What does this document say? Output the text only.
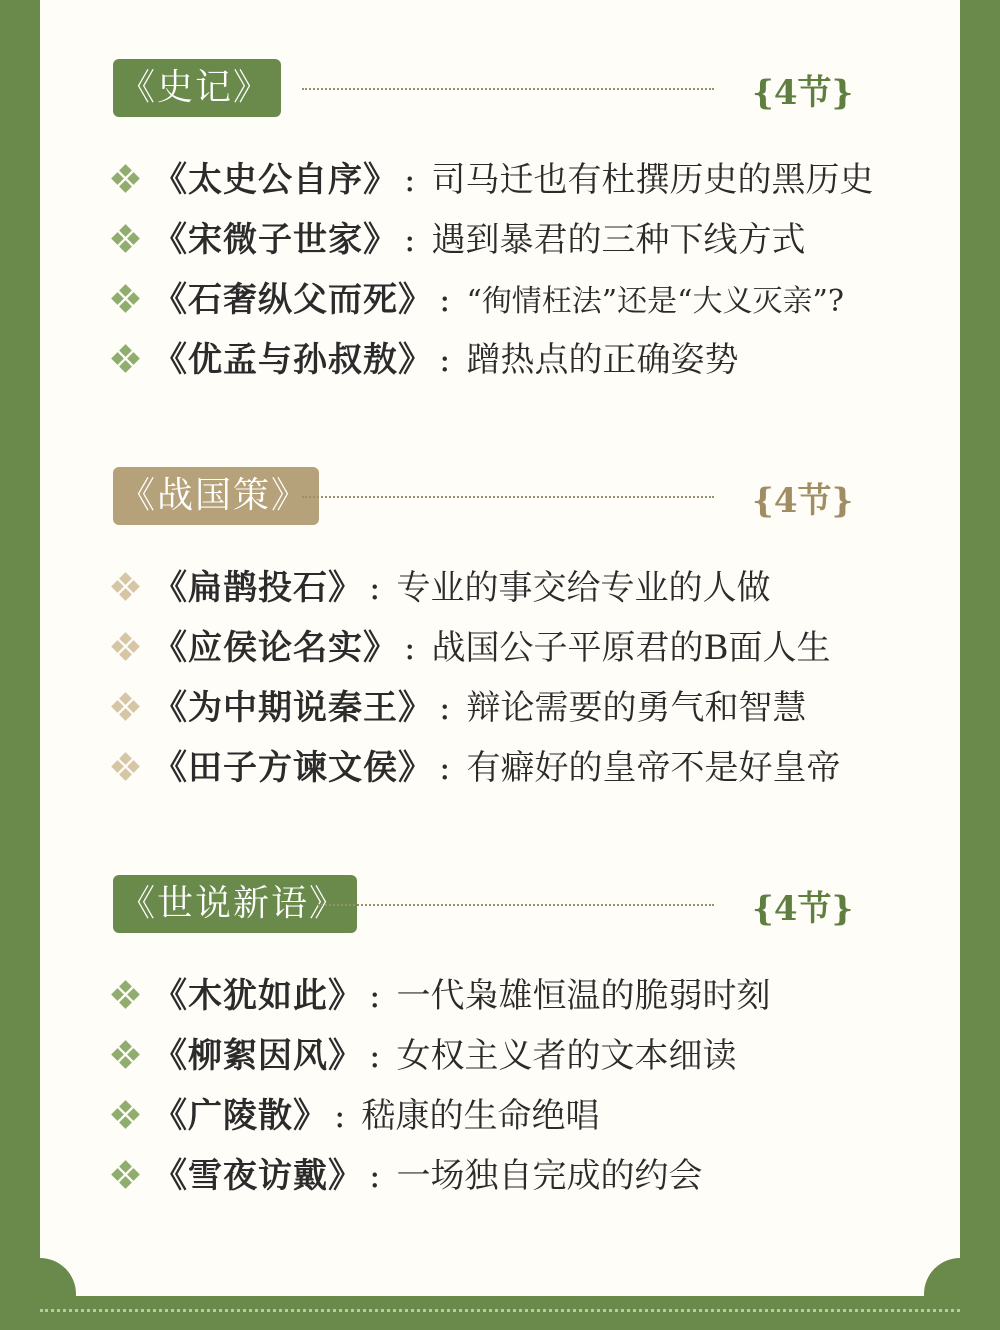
《史记》	{4节}
《太史公自序》 : 司马迁也有杜撰历史的黑历史
《宋微子世家》 : 遇到暴君的三种下线方式
《石奢纵父而死》 : “徇情枉法”还是“大义灭亲”?
《优孟与孙叔敖》 : 蹭热点的正确姿势
《战国策》	{4节}
《扁鹊投石》 : 专业的事交给专业的人做
《应侯论名实》 : 战国公子平原君的B面人生
《为中期说秦王》 : 辩论需要的勇气和智慧
《田子方谏文侯》 : 有癖好的皇帝不是好皇帝
《世说新语》	{4节}
《木犹如此》 : 一代枭雄恒温的脆弱时刻
《柳絮因风》 : 女权主义者的文本细读
《广陵散》 : 嵇康的生命绝唱
《雪夜访戴》 : 一场独自完成的约会
